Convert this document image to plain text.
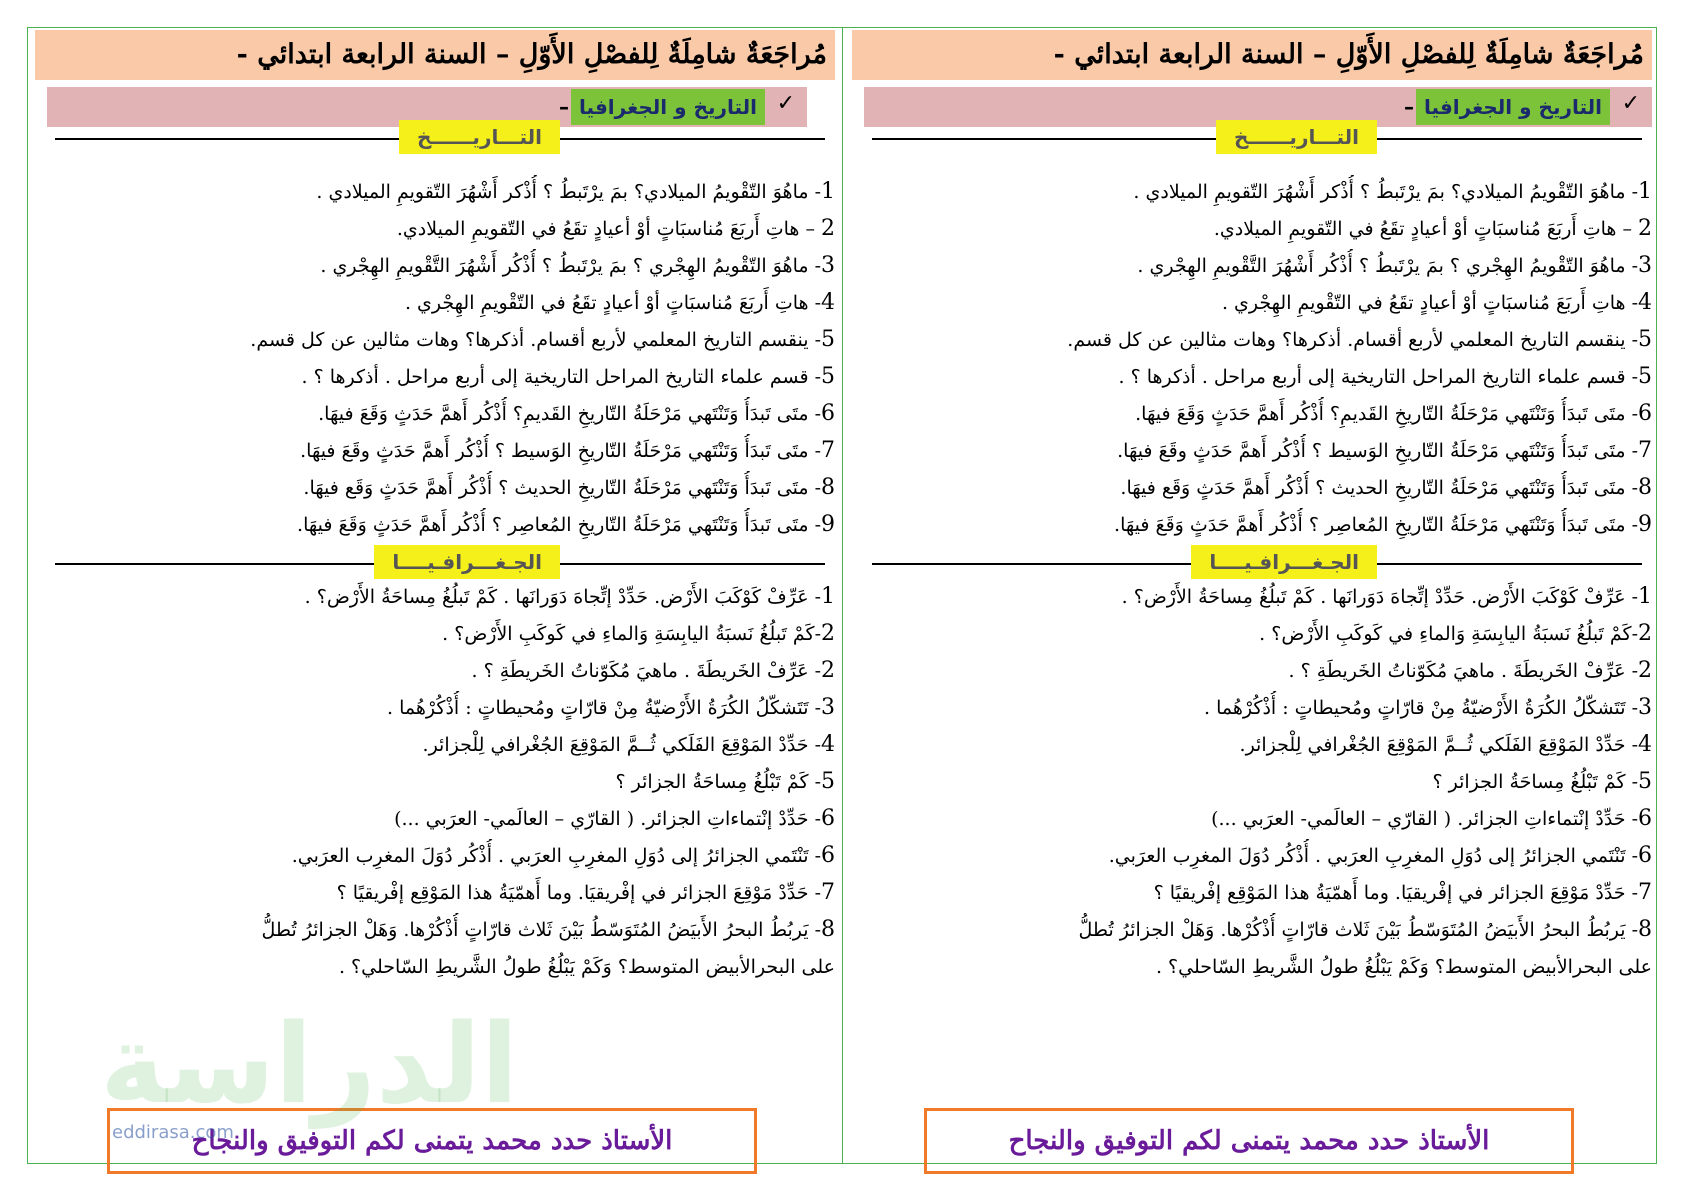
مُراجَعَةٌ شامِلَةٌ لِلفصْلِ الأَوّلِ – السنة الرابعة ابتدائي -
✓
التاريخ و الجغرافيا
–
التـــاريــــــخ
1- ماهُوَ التّقْويمُ الميلادي؟ بمَ يرْتَبطُ ؟ أُذْكر أَشْهُرَ التّقويمِ الميلادي .
2 – هاتِ أَربَعَ مُناسبَاتٍ أوْ أعيادٍ تقَعُ في التّقويمِ الميلادي.
3- ماهُوَ التّقْويمُ الهِجْري ؟ بمَ يرْتَبطُ ؟ أُذْكُر أَشْهُرَ التَّقْويمِ الهِجْري .
4- هاتِ أَربَعَ مُناسبَاتٍ أوْ أعيادٍ تقَعُ في التّقْويمِ الهِجْري .
5- ينقسم التاريخ المعلمي لأربع أقسام. أذكرها؟ وهات مثالين عن كل قسم.
5- قسم علماء التاريخ المراحل التاريخية إلى أربع مراحل . أذكرها ؟ .
6- متَى تَبدَأُ وَتَنْتَهي مَرْحَلَةُ التّاريخِ القَديمِ؟ أُذْكُر أَهمَّ حَدَثٍ وَقَعَ فيهَا.
7- متَى تَبدَأُ وَتَنْتَهي مَرْحَلَةُ التّاريخِ الوَسيط ؟ أُذْكُر أَهمَّ حَدَثٍ وقَعَ فيهَا.
8- متَى تَبدَأُ وَتَنْتَهي مَرْحَلَةُ التّاريخِ الحديث ؟ أُذْكُر أَهمَّ حَدَثٍ وَقَع فيهَا.
9- متَى تَبدَأُ وَتَنْتَهي مَرْحَلَةُ التّاريخِ المُعاصِر ؟ أُذْكُر أَهمَّ حَدَثٍ وَقَعَ فيهَا.
الجـغـــرافـيــــا
1- عَرِّفْ كَوْكَبَ الأَرْض. حَدِّدْ إتِّجاهَ دَوَرانَها . كَمْ تَبلُغُ مِساحَةُ الأَرْض؟ .
2-كَمْ تَبلُغُ نَسبَةُ اليابِسَةِ وَالماءِ في كَوكَبِ الأَرْض؟ .
2- عَرِّفْ الخَريطَةَ . ماهيَ مُكَوّناتُ الخَريطَةِ ؟ .
3- تَتَشكّلُ الكُرَةُ الأَرْضيّةُ مِنْ قارّاتٍ ومُحيطاتٍ : أُذْكُرْهُما .
4- حَدِّدْ المَوْقِعَ الفَلَكي ثُــمَّ المَوْقِعَ الجُغْرافي لِلْجزائر.
5- كَمْ تَبْلُغُ مِساحَةُ الجزائر ؟
6- حَدِّدْ إنْتماءاتِ الجزائر. ( القارّي – العالَمي- العرَبي ...)
6- تَنْتَمي الجزائرُ إلى دُوَلِ المغرِبِ العرَبي . أُذْكُر دُوَلَ المغرِب العرَبي.
7- حَدِّدْ مَوْقِعَ الجزائر في إفْريقيَا. وما أَهمّيَةُ هذا المَوْقِع إفْريقيًا ؟
8- يَربُطُ البحرُ الأَبيَضُ المُتَوَسّطُ بَيْنَ ثَلاث قارّاتٍ أُذْكُرْها. وَهَلْ الجزائرُ تُطلُّ
على البحرالأبيض المتوسط؟ وَكَمْ يَبْلُغُ طولُ الشَّريطِ السّاحلي؟ .
الأستاذ حدد محمد يتمنى لكم التوفيق والنجاح
مُراجَعَةٌ شامِلَةٌ لِلفصْلِ الأَوّلِ – السنة الرابعة ابتدائي -
✓
التاريخ و الجغرافيا
–
التـــاريــــــخ
1- ماهُوَ التّقْويمُ الميلادي؟ بمَ يرْتَبطُ ؟ أُذْكر أَشْهُرَ التّقويمِ الميلادي .
2 – هاتِ أَربَعَ مُناسبَاتٍ أوْ أعيادٍ تقَعُ في التّقويمِ الميلادي.
3- ماهُوَ التّقْويمُ الهِجْري ؟ بمَ يرْتَبطُ ؟ أُذْكُر أَشْهُرَ التَّقْويمِ الهِجْري .
4- هاتِ أَربَعَ مُناسبَاتٍ أوْ أعيادٍ تقَعُ في التّقْويمِ الهِجْري .
5- ينقسم التاريخ المعلمي لأربع أقسام. أذكرها؟ وهات مثالين عن كل قسم.
5- قسم علماء التاريخ المراحل التاريخية إلى أربع مراحل . أذكرها ؟ .
6- متَى تَبدَأُ وَتَنْتَهي مَرْحَلَةُ التّاريخِ القَديمِ؟ أُذْكُر أَهمَّ حَدَثٍ وَقَعَ فيهَا.
7- متَى تَبدَأُ وَتَنْتَهي مَرْحَلَةُ التّاريخِ الوَسيط ؟ أُذْكُر أَهمَّ حَدَثٍ وقَعَ فيهَا.
8- متَى تَبدَأُ وَتَنْتَهي مَرْحَلَةُ التّاريخِ الحديث ؟ أُذْكُر أَهمَّ حَدَثٍ وَقَع فيهَا.
9- متَى تَبدَأُ وَتَنْتَهي مَرْحَلَةُ التّاريخِ المُعاصِر ؟ أُذْكُر أَهمَّ حَدَثٍ وَقَعَ فيهَا.
الجـغـــرافـيــــا
1- عَرِّفْ كَوْكَبَ الأَرْض. حَدِّدْ إتِّجاهَ دَوَرانَها . كَمْ تَبلُغُ مِساحَةُ الأَرْض؟ .
2-كَمْ تَبلُغُ نَسبَةُ اليابِسَةِ وَالماءِ في كَوكَبِ الأَرْض؟ .
2- عَرِّفْ الخَريطَةَ . ماهيَ مُكَوّناتُ الخَريطَةِ ؟ .
3- تَتَشكّلُ الكُرَةُ الأَرْضيّةُ مِنْ قارّاتٍ ومُحيطاتٍ : أُذْكُرْهُما .
4- حَدِّدْ المَوْقِعَ الفَلَكي ثُــمَّ المَوْقِعَ الجُغْرافي لِلْجزائر.
5- كَمْ تَبْلُغُ مِساحَةُ الجزائر ؟
6- حَدِّدْ إنْتماءاتِ الجزائر. ( القارّي – العالَمي- العرَبي ...)
6- تَنْتَمي الجزائرُ إلى دُوَلِ المغرِبِ العرَبي . أُذْكُر دُوَلَ المغرِب العرَبي.
7- حَدِّدْ مَوْقِعَ الجزائر في إفْريقيَا. وما أَهمّيَةُ هذا المَوْقِع إفْريقيًا ؟
8- يَربُطُ البحرُ الأَبيَضُ المُتَوَسّطُ بَيْنَ ثَلاث قارّاتٍ أُذْكُرْها. وَهَلْ الجزائرُ تُطلُّ
على البحرالأبيض المتوسط؟ وَكَمْ يَبْلُغُ طولُ الشَّريطِ السّاحلي؟ .
الأستاذ حدد محمد يتمنى لكم التوفيق والنجاح
الدراسة
eddirasa.com
